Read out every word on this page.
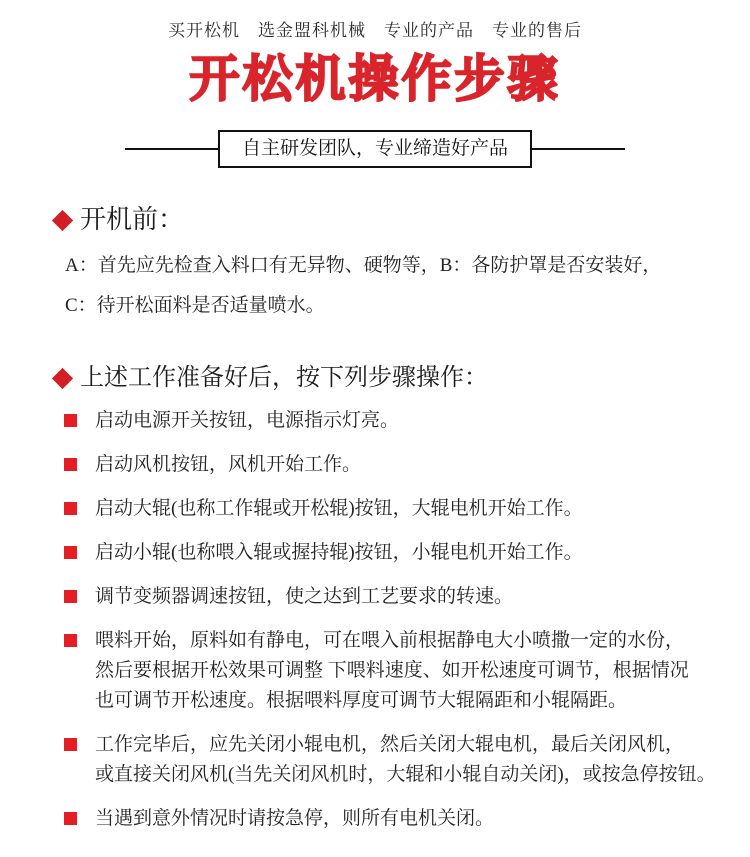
买开松机　选金盟科机械　专业的产品　专业的售后
开松机操作步骤
自主研发团队，专业缔造好产品
开机前：
A：首先应先检查入料口有无异物、硬物等，B：各防护罩是否安装好，
C：待开松面料是否适量喷水。
上述工作准备好后，按下列步骤操作：
启动电源开关按钮，电源指示灯亮。
启动风机按钮，风机开始工作。
启动大辊(也称工作辊或开松辊)按钮，大辊电机开始工作。
启动小辊(也称喂入辊或握持辊)按钮，小辊电机开始工作。
调节变频器调速按钮，使之达到工艺要求的转速。
喂料开始，原料如有静电，可在喂入前根据静电大小喷撒一定的水份，
然后要根据开松效果可调整 下喂料速度、如开松速度可调节，根据情况
也可调节开松速度。根据喂料厚度可调节大辊隔距和小辊隔距。
工作完毕后，应先关闭小辊电机，然后关闭大辊电机，最后关闭风机，
或直接关闭风机(当先关闭风机时，大辊和小辊自动关闭)，或按急停按钮。
当遇到意外情况时请按急停，则所有电机关闭。
